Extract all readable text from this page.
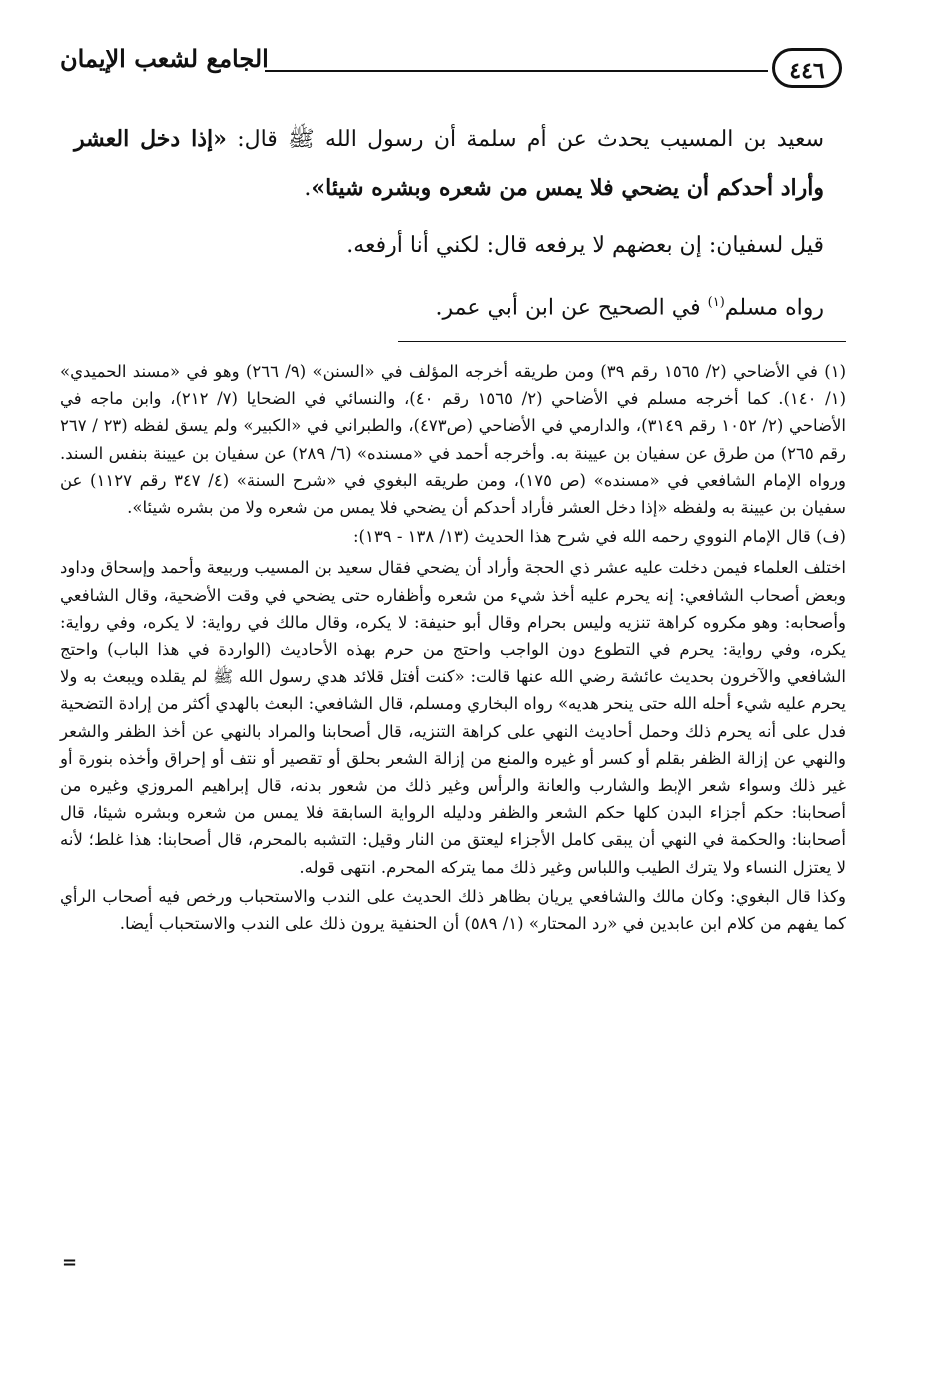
الجامع لشعب الإيمان	٤٤٦

سعيد بن المسيب يحدث عن أم سلمة أن رسول الله ﷺ قال: «إذا دخل العشر وأراد أحدكم أن يضحي فلا يمس من شعره وبشره شيئا».

قيل لسفيان: إن بعضهم لا يرفعه قال: لكني أنا أرفعه.

رواه مسلم$^{(١)}$ في الصحيح عن ابن أبي عمر.

(١) في الأضاحي (٢/ ١٥٦٥ رقم ٣٩) ومن طريقه أخرجه المؤلف في «السنن» (٩/ ٢٦٦) وهو في «مسند الحميدي» (١/ ١٤٠). كما أخرجه مسلم في الأضاحي (٢/ ١٥٦٥ رقم ٤٠)، والنسائي في الضحايا (٧/ ٢١٢)، وابن ماجه في الأضاحي (٢/ ١٠٥٢ رقم ٣١٤٩)، والدارمي في الأضاحي (ص٤٧٣)، والطبراني في «الكبير» ولم يسق لفظه (٢٣ / ٢٦٧ رقم ٢٦٥) من طرق عن سفيان بن عيينة به. وأخرجه أحمد في «مسنده» (٦/ ٢٨٩) عن سفيان بن عيينة بنفس السند. ورواه الإمام الشافعي في «مسنده» (ص ١٧٥)، ومن طريقه البغوي في «شرح السنة» (٤/ ٣٤٧ رقم ١١٢٧) عن سفيان بن عيينة به ولفظه «إذا دخل العشر فأراد أحدكم أن يضحي فلا يمس من شعره ولا من بشره شيئا».

(ف) قال الإمام النووي رحمه الله في شرح هذا الحديث (١٣/ ١٣٨ - ١٣٩):

اختلف العلماء فيمن دخلت عليه عشر ذي الحجة وأراد أن يضحي فقال سعيد بن المسيب وربيعة وأحمد وإسحاق وداود وبعض أصحاب الشافعي: إنه يحرم عليه أخذ شيء من شعره وأظفاره حتى يضحي في وقت الأضحية، وقال الشافعي وأصحابه: وهو مكروه كراهة تنزيه وليس بحرام وقال أبو حنيفة: لا يكره، وقال مالك في رواية: لا يكره، وفي رواية: يكره، وفي رواية: يحرم في التطوع دون الواجب واحتج من حرم بهذه الأحاديث (الواردة في هذا الباب) واحتج الشافعي والآخرون بحديث عائشة رضي الله عنها قالت: «كنت أفتل قلائد هدي رسول الله ﷺ لم يقلده ويبعث به ولا يحرم عليه شيء أحله الله حتى ينحر هديه» رواه البخاري ومسلم، قال الشافعي: البعث بالهدي أكثر من إرادة التضحية فدل على أنه يحرم ذلك وحمل أحاديث النهي على كراهة التنزيه، قال أصحابنا والمراد بالنهي عن أخذ الظفر والشعر والنهي عن إزالة الظفر بقلم أو كسر أو غيره والمنع من إزالة الشعر بحلق أو تقصير أو نتف أو إحراق وأخذه بنورة أو غير ذلك وسواء شعر الإبط والشارب والعانة والرأس وغير ذلك من شعور بدنه، قال إبراهيم المروزي وغيره من أصحابنا: حكم أجزاء البدن كلها حكم الشعر والظفر ودليله الرواية السابقة فلا يمس من شعره وبشره شيئا، قال أصحابنا: والحكمة في النهي أن يبقى كامل الأجزاء ليعتق من النار وقيل: التشبه بالمحرم، قال أصحابنا: هذا غلط؛ لأنه لا يعتزل النساء ولا يترك الطيب واللباس وغير ذلك مما يتركه المحرم. انتهى قوله.

وكذا قال البغوي: وكان مالك والشافعي يريان بظاهر ذلك الحديث على الندب والاستحباب ورخص فيه أصحاب الرأي كما يفهم من كلام ابن عابدين في «رد المحتار» (١/ ٥٨٩) أن الحنفية يرون ذلك على الندب والاستحباب أيضا.

=
